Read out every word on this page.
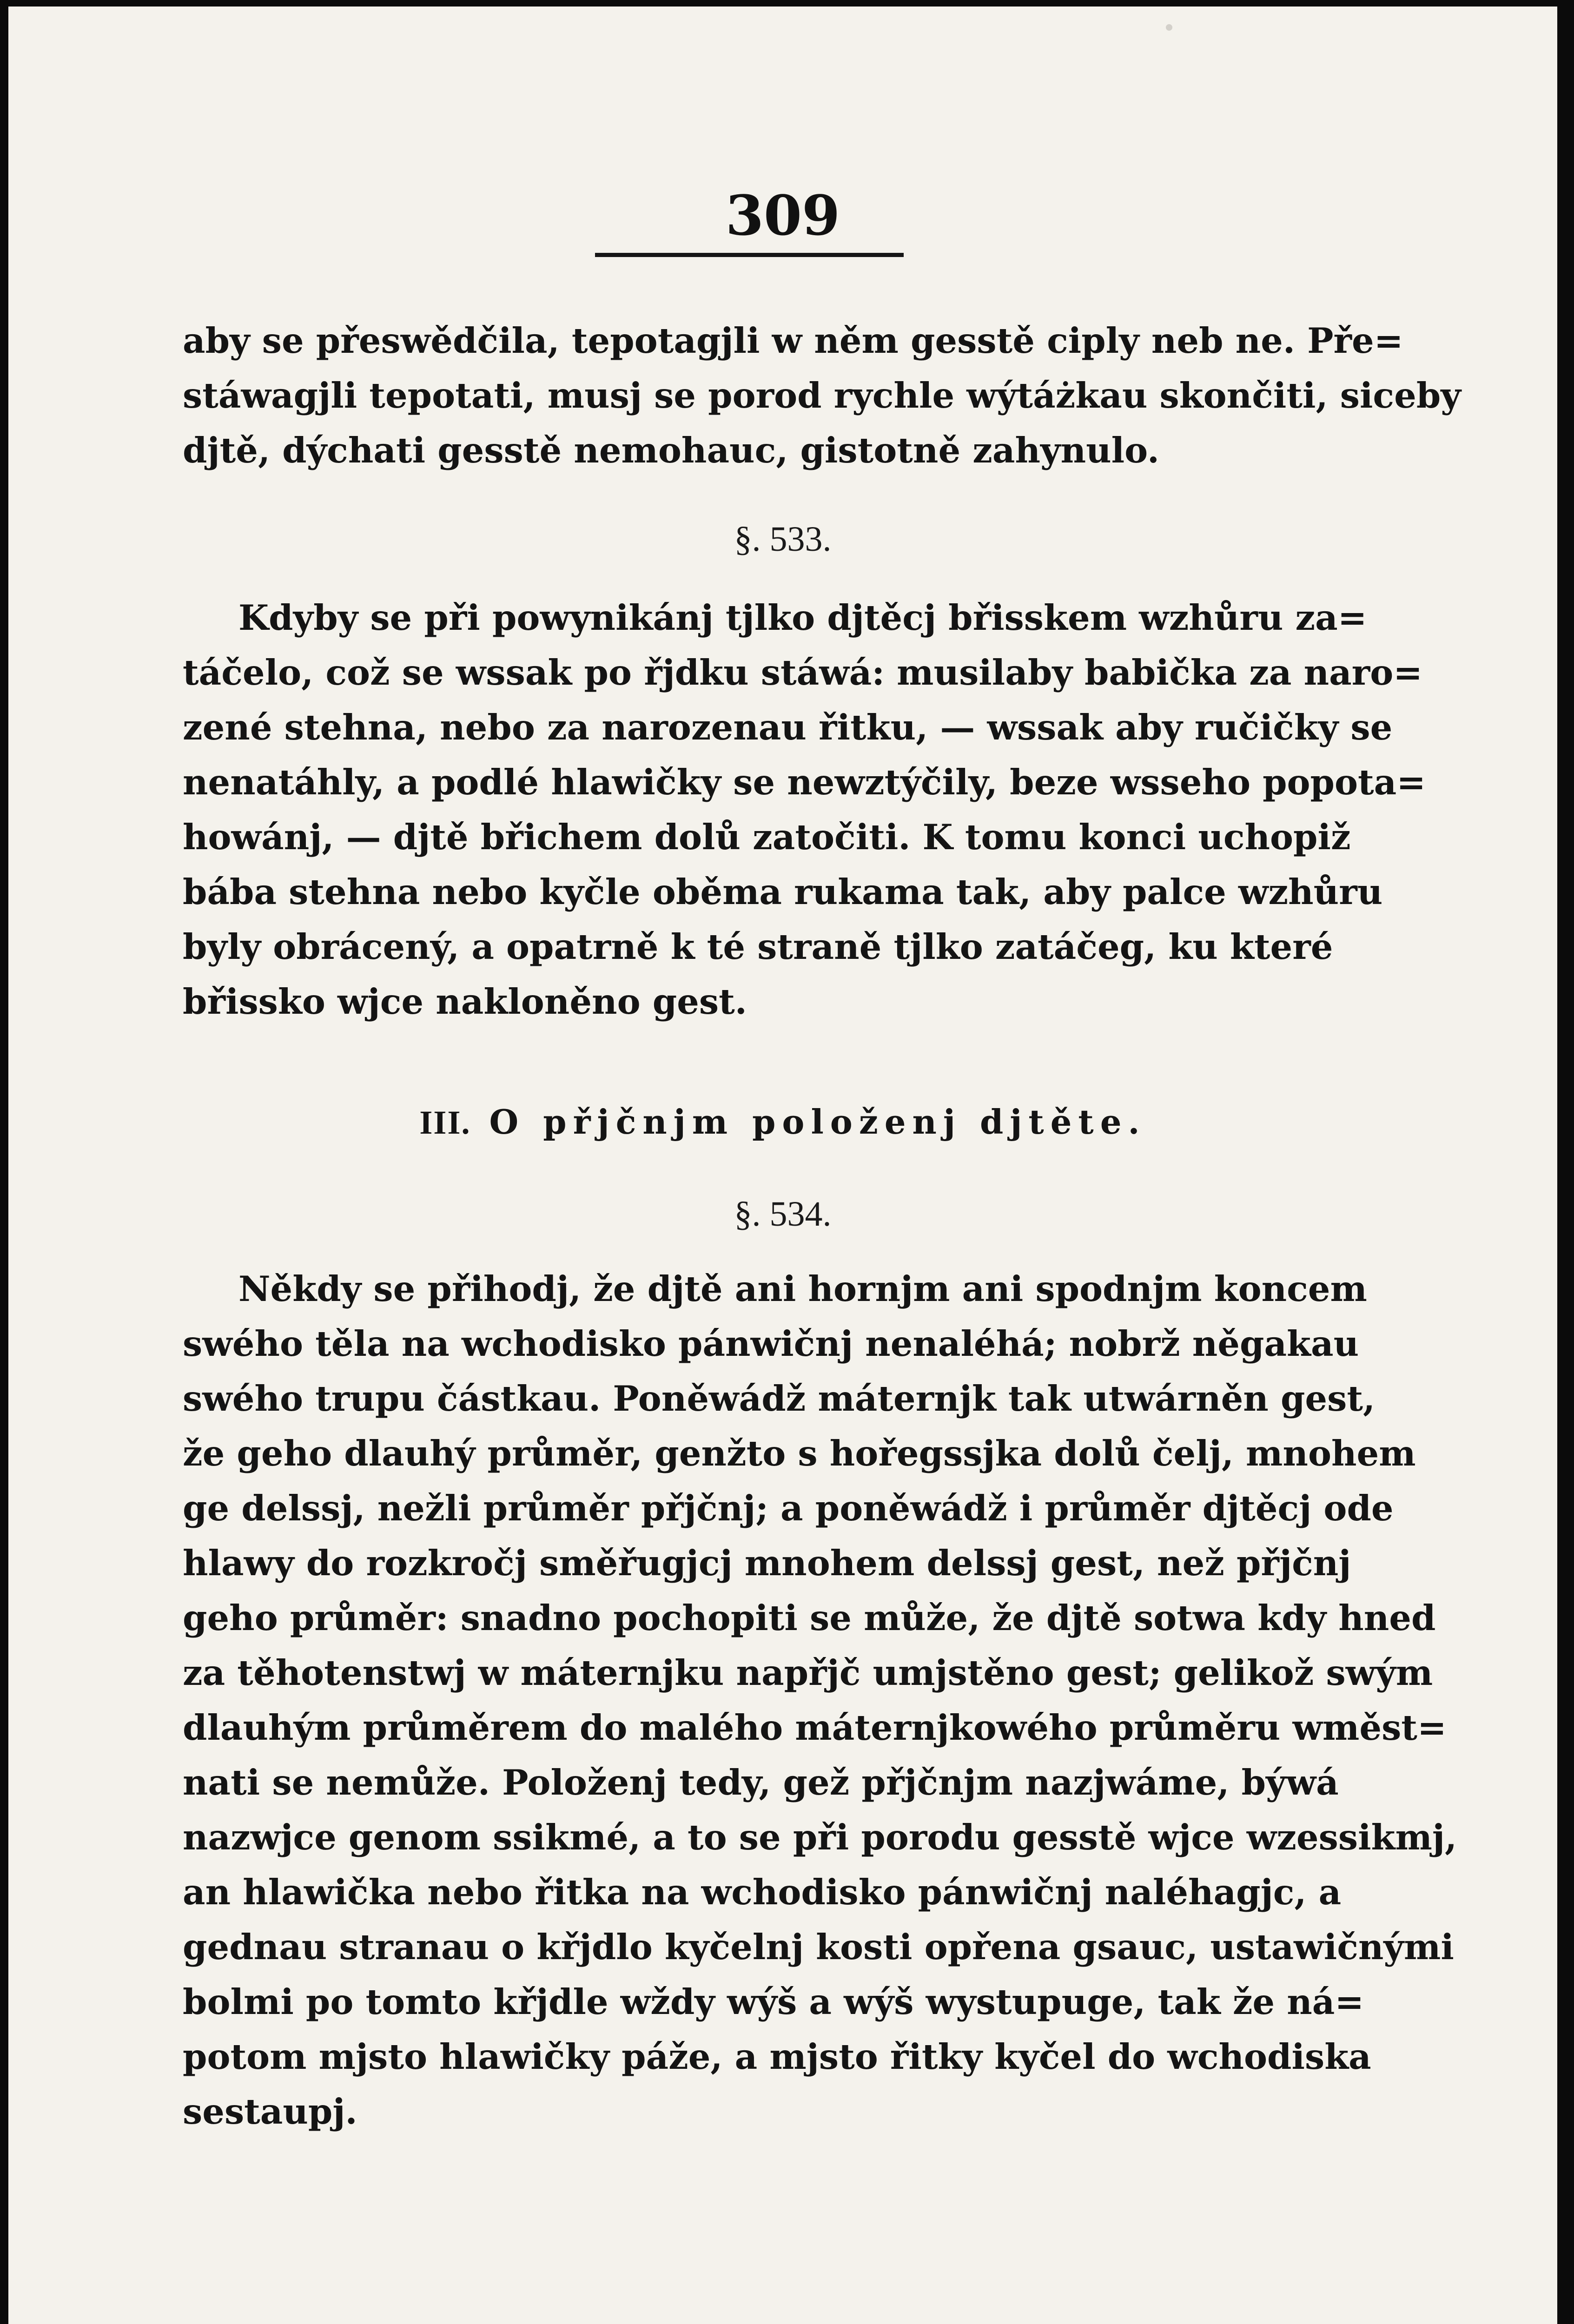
309
aby se přeswědčila, tepotagjli w něm gesstě ciply neb ne. Pře=
stáwagjli tepotati, musj se porod rychle wýtáżkau skončiti, siceby
djtě, dýchati gesstě nemohauc, gistotně zahynulo.
§. 533.
Kdyby se při powynikánj tjlko djtěcj břisskem wzhůru za=
táčelo, což se wssak po řjdku stáwá: musilaby babička za naro=
zené stehna, nebo za narozenau řitku, — wssak aby ručičky se
nenatáhly, a podlé hlawičky se newztýčily, beze wsseho popota=
howánj, — djtě břichem dolů zatočiti. K tomu konci uchopiž
bába stehna nebo kyčle oběma rukama tak, aby palce wzhůru
byly obrácený, a opatrně k té straně tjlko zatáčeg, ku které
břissko wjce nakloněno gest.
III. O přjčnjm položenj djtěte.
§. 534.
Někdy se přihodj, že djtě ani hornjm ani spodnjm koncem
swého těla na wchodisko pánwičnj nenaléhá; nobrž něgakau
swého trupu částkau. Poněwádž máternjk tak utwárněn gest,
že geho dlauhý průměr, genžto s hořegssjka dolů čelj, mnohem
ge delssj, nežli průměr přjčnj; a poněwádž i průměr djtěcj ode
hlawy do rozkročj směřugjcj mnohem delssj gest, než přjčnj
geho průměr: snadno pochopiti se může, že djtě sotwa kdy hned
za těhotenstwj w máternjku napřjč umjstěno gest; gelikož swým
dlauhým průměrem do malého máternjkowého průměru wměst=
nati se nemůže. Položenj tedy, gež přjčnjm nazjwáme, býwá
nazwjce genom ssikmé, a to se při porodu gesstě wjce wzessikmj,
an hlawička nebo řitka na wchodisko pánwičnj naléhagjc, a
gednau stranau o křjdlo kyčelnj kosti opřena gsauc, ustawičnými
bolmi po tomto křjdle wždy wýš a wýš wystupuge, tak že ná=
potom mjsto hlawičky páže, a mjsto řitky kyčel do wchodiska
sestaupj.
